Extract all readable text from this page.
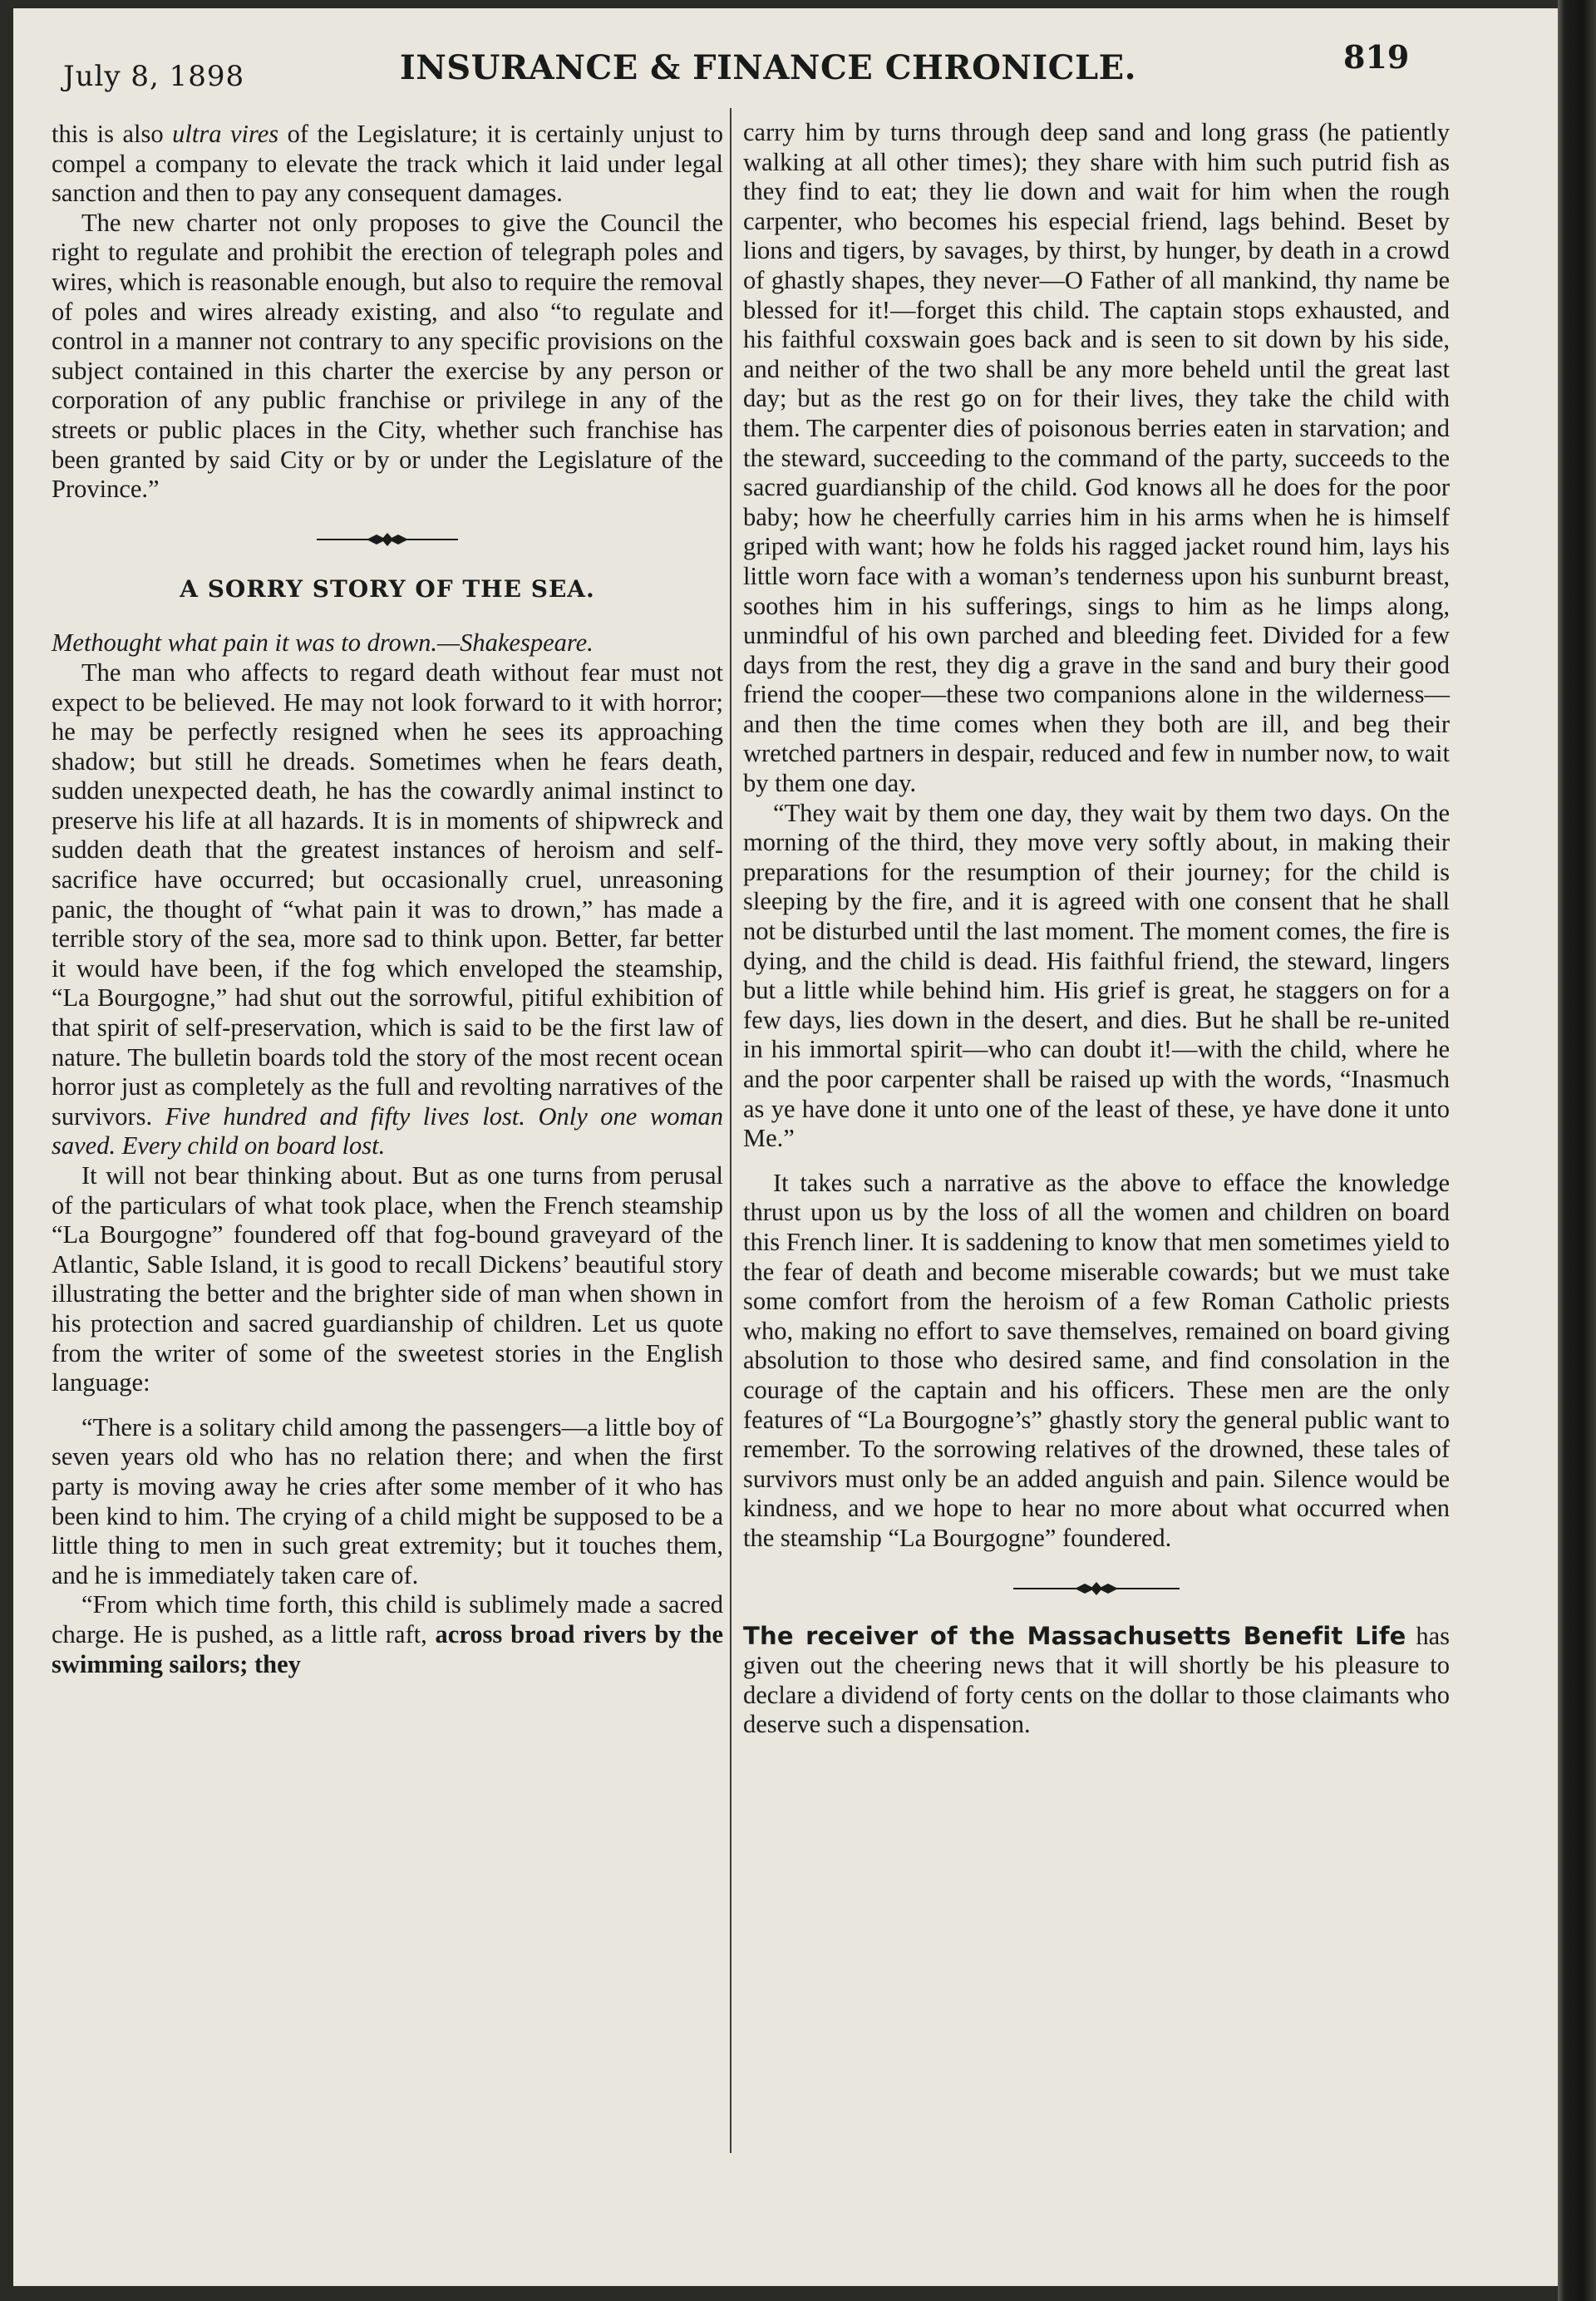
July 8, 1898	INSURANCE & FINANCE CHRONICLE.	819

this is also ultra vires of the Legislature; it is certainly unjust to compel a company to elevate the track which it laid under legal sanction and then to pay any consequent damages.

The new charter not only proposes to give the Council the right to regulate and prohibit the erection of telegraph poles and wires, which is reasonable enough, but also to require the removal of poles and wires already existing, and also “to regulate and control in a manner not contrary to any specific provisions on the subject contained in this charter the exercise by any person or corporation of any public franchise or privilege in any of the streets or public places in the City, whether such franchise has been granted by said City or by or under the Legislature of the Province.”

A SORRY STORY OF THE SEA.

Methought what pain it was to drown.—Shakespeare.

The man who affects to regard death without fear must not expect to be believed. He may not look forward to it with horror; he may be perfectly resigned when he sees its approaching shadow; but still he dreads. Sometimes when he fears death, sudden unexpected death, he has the cowardly animal instinct to preserve his life at all hazards. It is in moments of shipwreck and sudden death that the greatest instances of heroism and self-sacrifice have occurred; but occasionally cruel, unreasoning panic, the thought of “what pain it was to drown,” has made a terrible story of the sea, more sad to think upon. Better, far better it would have been, if the fog which enveloped the steamship, “La Bourgogne,” had shut out the sorrowful, pitiful exhibition of that spirit of self-preservation, which is said to be the first law of nature. The bulletin boards told the story of the most recent ocean horror just as completely as the full and revolting narratives of the survivors. Five hundred and fifty lives lost. Only one woman saved. Every child on board lost.

It will not bear thinking about. But as one turns from perusal of the particulars of what took place, when the French steamship “La Bourgogne” foundered off that fog-bound graveyard of the Atlantic, Sable Island, it is good to recall Dickens’ beautiful story illustrating the better and the brighter side of man when shown in his protection and sacred guardianship of children. Let us quote from the writer of some of the sweetest stories in the English language:

“There is a solitary child among the passengers—a little boy of seven years old who has no relation there; and when the first party is moving away he cries after some member of it who has been kind to him. The crying of a child might be supposed to be a little thing to men in such great extremity; but it touches them, and he is immediately taken care of.

“From which time forth, this child is sublimely made a sacred charge. He is pushed, as a little raft, across broad rivers by the swimming sailors; they

carry him by turns through deep sand and long grass (he patiently walking at all other times); they share with him such putrid fish as they find to eat; they lie down and wait for him when the rough carpenter, who becomes his especial friend, lags behind. Beset by lions and tigers, by savages, by thirst, by hunger, by death in a crowd of ghastly shapes, they never—O Father of all mankind, thy name be blessed for it!—forget this child. The captain stops exhausted, and his faithful coxswain goes back and is seen to sit down by his side, and neither of the two shall be any more beheld until the great last day; but as the rest go on for their lives, they take the child with them. The carpenter dies of poisonous berries eaten in starvation; and the steward, succeeding to the command of the party, succeeds to the sacred guardianship of the child. God knows all he does for the poor baby; how he cheerfully carries him in his arms when he is himself griped with want; how he folds his ragged jacket round him, lays his little worn face with a woman’s tenderness upon his sunburnt breast, soothes him in his sufferings, sings to him as he limps along, unmindful of his own parched and bleeding feet. Divided for a few days from the rest, they dig a grave in the sand and bury their good friend the cooper—these two companions alone in the wilderness—and then the time comes when they both are ill, and beg their wretched partners in despair, reduced and few in number now, to wait by them one day.

“They wait by them one day, they wait by them two days. On the morning of the third, they move very softly about, in making their preparations for the resumption of their journey; for the child is sleeping by the fire, and it is agreed with one consent that he shall not be disturbed until the last moment. The moment comes, the fire is dying, and the child is dead. His faithful friend, the steward, lingers but a little while behind him. His grief is great, he staggers on for a few days, lies down in the desert, and dies. But he shall be re-united in his immortal spirit—who can doubt it!—with the child, where he and the poor carpenter shall be raised up with the words, “Inasmuch as ye have done it unto one of the least of these, ye have done it unto Me.”

It takes such a narrative as the above to efface the knowledge thrust upon us by the loss of all the women and children on board this French liner. It is saddening to know that men sometimes yield to the fear of death and become miserable cowards; but we must take some comfort from the heroism of a few Roman Catholic priests who, making no effort to save themselves, remained on board giving absolution to those who desired same, and find consolation in the courage of the captain and his officers. These men are the only features of “La Bourgogne’s” ghastly story the general public want to remember. To the sorrowing relatives of the drowned, these tales of survivors must only be an added anguish and pain. Silence would be kindness, and we hope to hear no more about what occurred when the steamship “La Bourgogne” foundered.

The receiver of the Massachusetts Benefit Life has given out the cheering news that it will shortly be his pleasure to declare a dividend of forty cents on the dollar to those claimants who deserve such a dispensation.
